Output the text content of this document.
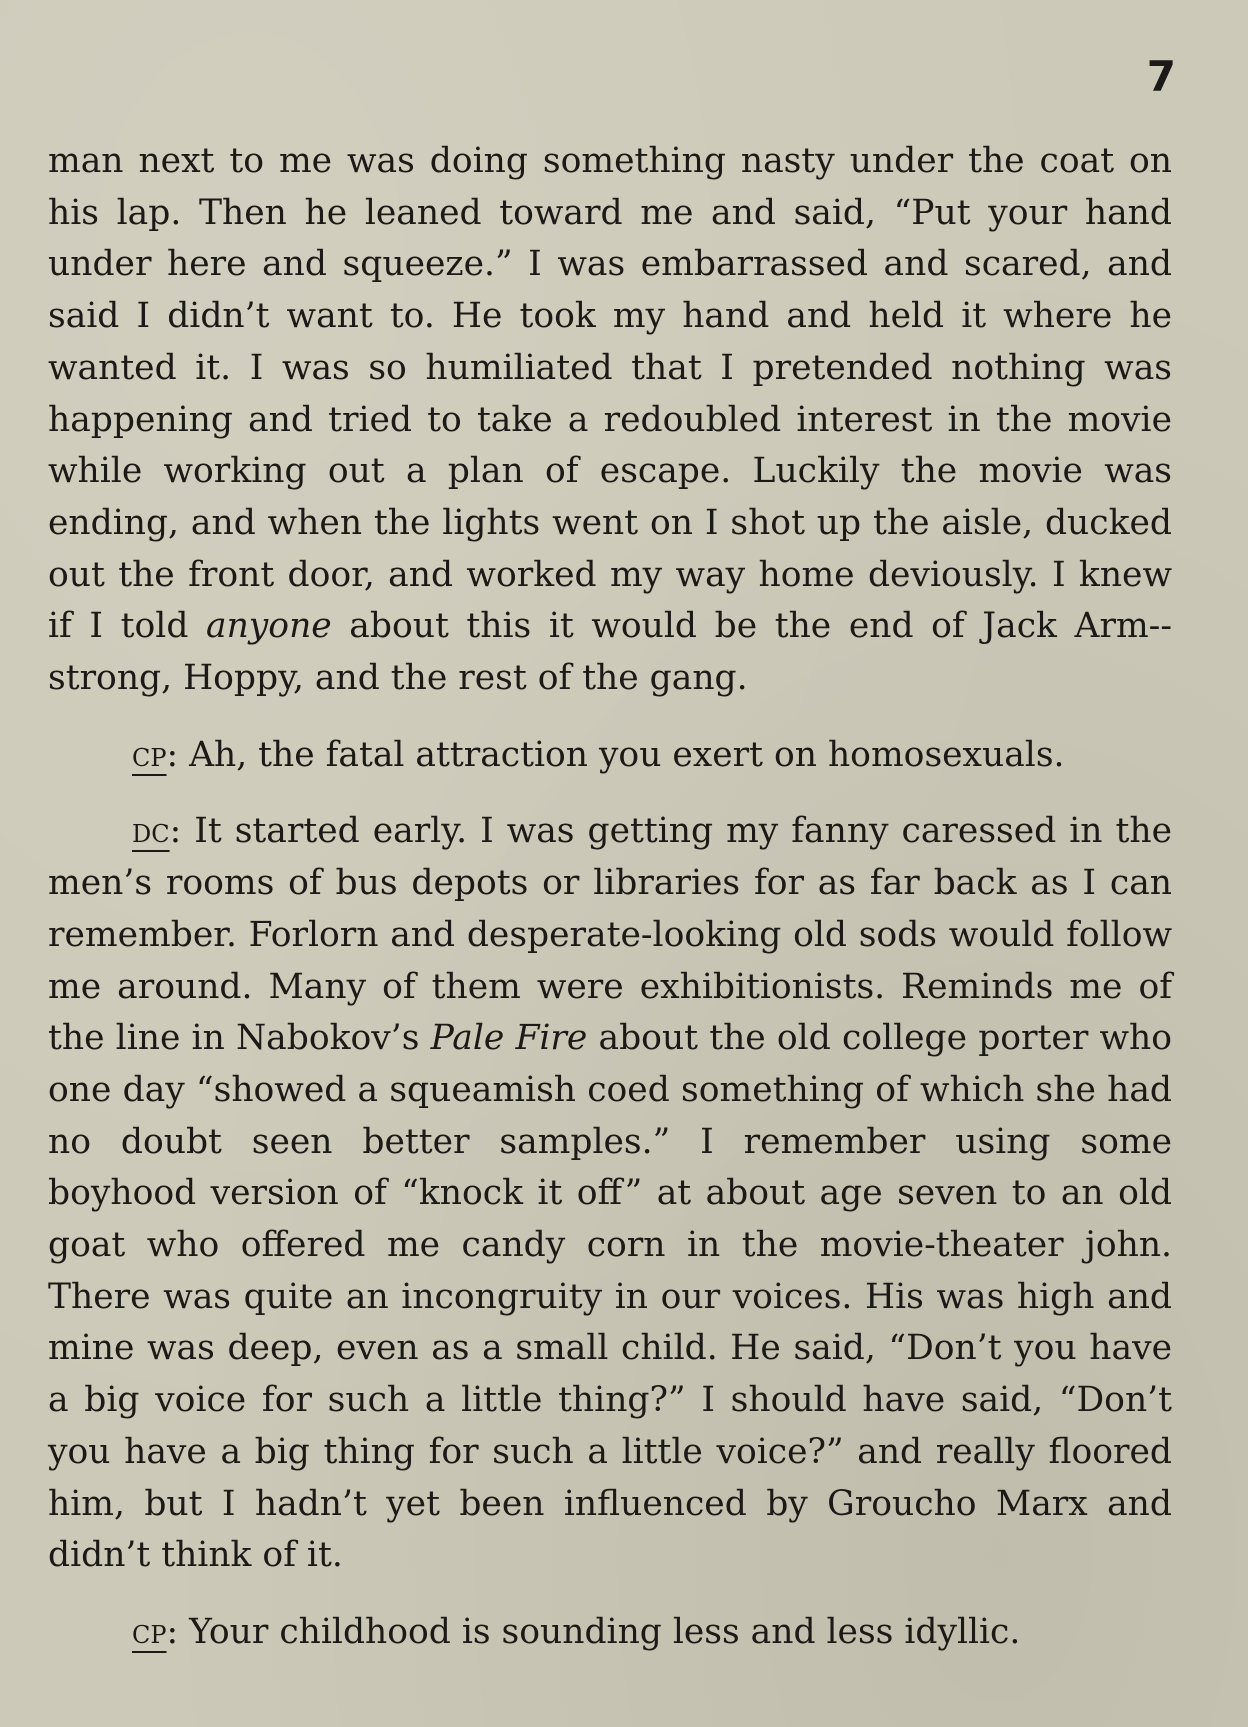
7

man next to me was doing something nasty under the coat on his lap. Then he leaned toward me and said, “Put your hand under here and squeeze.” I was embarrassed and scared, and said I didn’t want to. He took my hand and held it where he wanted it. I was so humiliated that I pretended nothing was happening and tried to take a redoubled interest in the movie while working out a plan of escape. Luckily the movie was ending, and when the lights went on I shot up the aisle, ducked out the front door, and worked my way home deviously. I knew if I told anyone about this it would be the end of Jack Arm-strong, Hoppy, and the rest of the gang.

cp: Ah, the fatal attraction you exert on homosexuals.

dc: It started early. I was getting my fanny caressed in the men’s rooms of bus depots or libraries for as far back as I can remember. Forlorn and desperate-looking old sods would follow me around. Many of them were exhibitionists. Reminds me of the line in Nabokov’s Pale Fire about the old college porter who one day “showed a squeamish coed something of which she had no doubt seen better samples.” I remember using some boyhood version of “knock it off” at about age seven to an old goat who offered me candy corn in the movie-theater john. There was quite an incongruity in our voices. His was high and mine was deep, even as a small child. He said, “Don’t you have a big voice for such a little thing?” I should have said, “Don’t you have a big thing for such a little voice?” and really floored him, but I hadn’t yet been influenced by Groucho Marx and didn’t think of it.

cp: Your childhood is sounding less and less idyllic.
